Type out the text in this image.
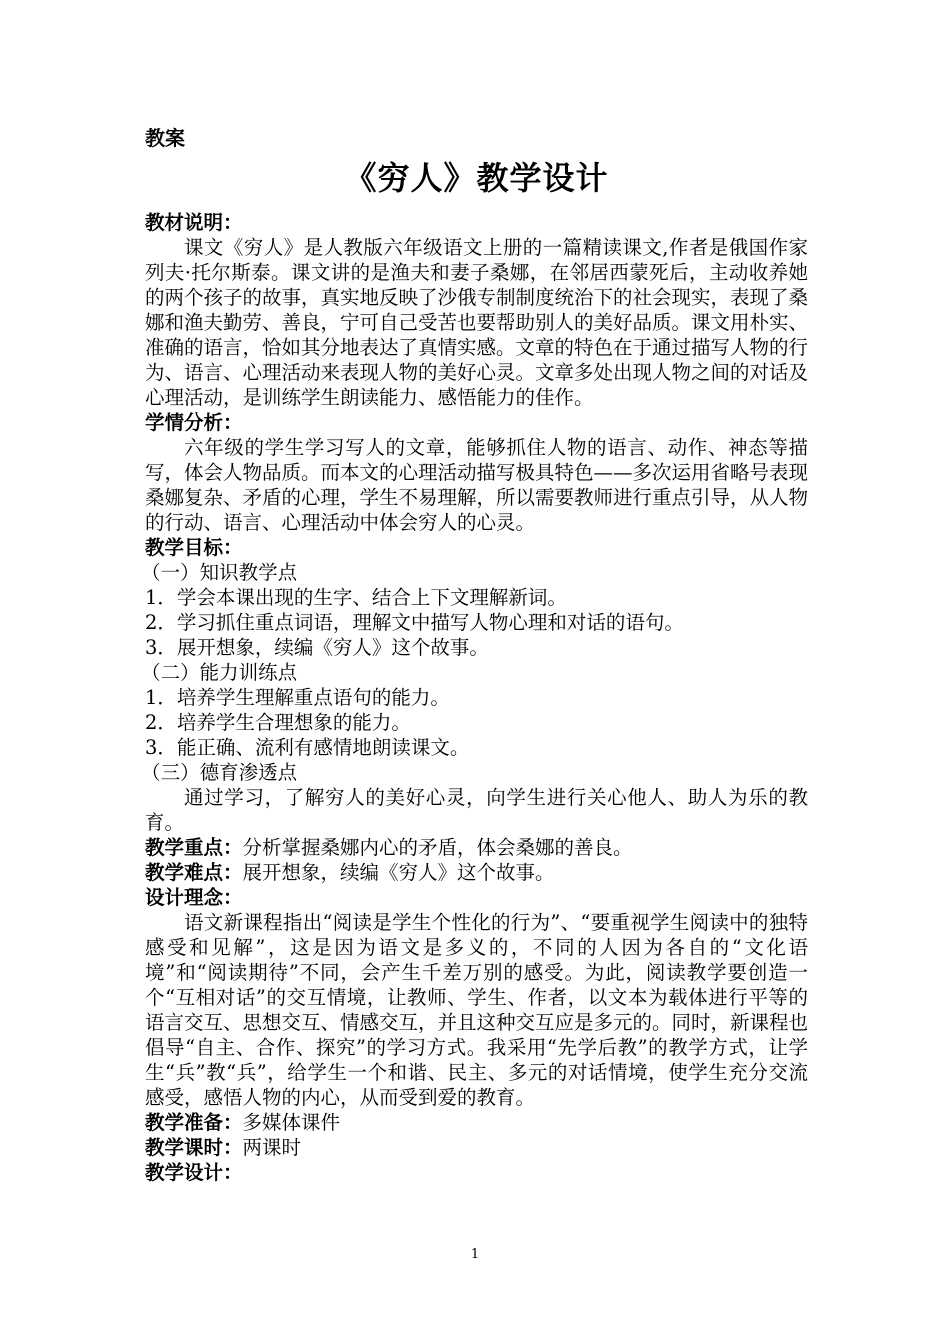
教案
《穷人》教学设计
教材说明：

课文《穷人》是人教版六年级语文上册的一篇精读课文,作者是俄国作家列夫·托尔斯泰。课文讲的是渔夫和妻子桑娜，在邻居西蒙死后，主动收养她的两个孩子的故事，真实地反映了沙俄专制制度统治下的社会现实，表现了桑娜和渔夫勤劳、善良，宁可自己受苦也要帮助别人的美好品质。课文用朴实、准确的语言，恰如其分地表达了真情实感。文章的特色在于通过描写人物的行为、语言、心理活动来表现人物的美好心灵。文章多处出现人物之间的对话及心理活动，是训练学生朗读能力、感悟能力的佳作。

学情分析：

六年级的学生学习写人的文章，能够抓住人物的语言、动作、神态等描写，体会人物品质。而本文的心理活动描写极具特色——多次运用省略号表现桑娜复杂、矛盾的心理，学生不易理解，所以需要教师进行重点引导，从人物的行动、语言、心理活动中体会穷人的心灵。

教学目标：

（一）知识教学点

1．学会本课出现的生字、结合上下文理解新词。

2．学习抓住重点词语，理解文中描写人物心理和对话的语句。

3．展开想象，续编《穷人》这个故事。

（二）能力训练点

1．培养学生理解重点语句的能力。

2．培养学生合理想象的能力。

3．能正确、流利有感情地朗读课文。

（三）德育渗透点

通过学习，了解穷人的美好心灵，向学生进行关心他人、助人为乐的教育。

教学重点：分析掌握桑娜内心的矛盾，体会桑娜的善良。

教学难点：展开想象，续编《穷人》这个故事。

设计理念：

语文新课程指出“阅读是学生个性化的行为”、“要重视学生阅读中的独特感受和见解”，这是因为语文是多义的，不同的人因为各自的“文化语境”和“阅读期待”不同，会产生千差万别的感受。为此，阅读教学要创造一个“互相对话”的交互情境，让教师、学生、作者，以文本为载体进行平等的语言交互、思想交互、情感交互，并且这种交互应是多元的。同时，新课程也倡导“自主、合作、探究”的学习方式。我采用“先学后教”的教学方式，让学生“兵”教“兵”，给学生一个和谐、民主、多元的对话情境，使学生充分交流感受，感悟人物的内心，从而受到爱的教育。

教学准备：多媒体课件

教学课时：两课时

教学设计：
1
